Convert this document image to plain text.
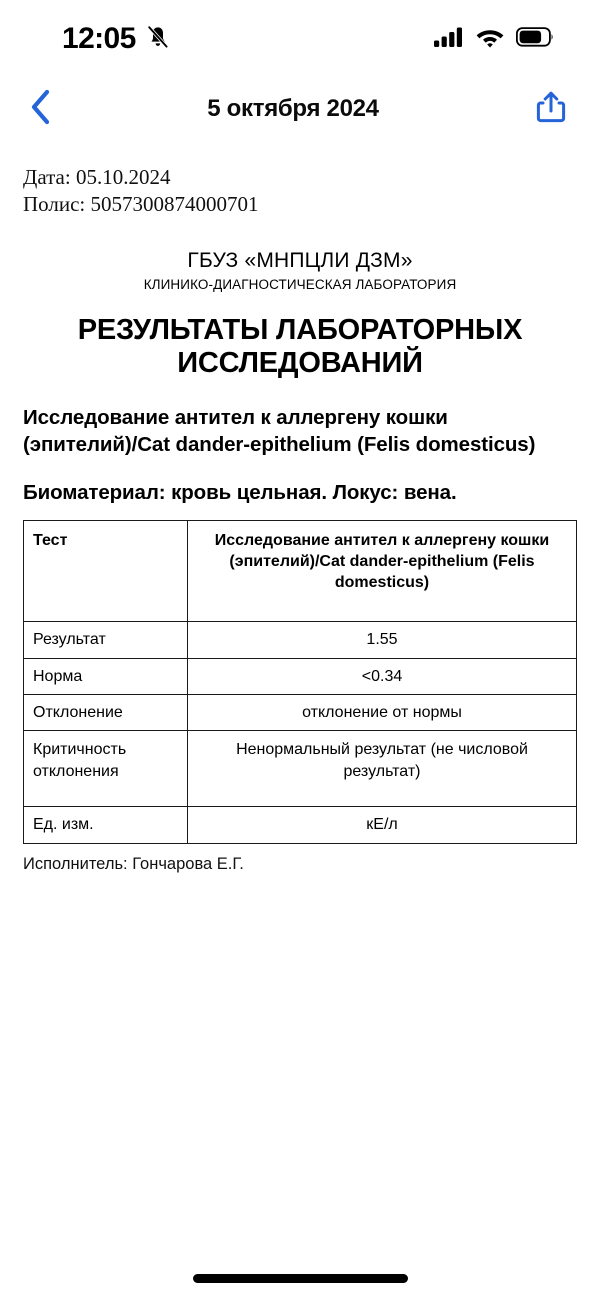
12:05
5 октября 2024
Дата: 05.10.2024
Полис: 5057300874000701
ГБУЗ «МНПЦЛИ ДЗМ»
КЛИНИКО-ДИАГНОСТИЧЕСКАЯ ЛАБОРАТОРИЯ
РЕЗУЛЬТАТЫ ЛАБОРАТОРНЫХ ИССЛЕДОВАНИЙ
Исследование антител к аллергену кошки (эпителий)/Cat dander-epithelium (Felis domesticus)
Биоматериал: кровь цельная. Локус: вена.
Тест	Исследование антител к аллергену кошки (эпителий)/Cat dander-epithelium (Felis domesticus)
Результат	1.55
Норма	<0.34
Отклонение	отклонение от нормы
Критичность отклонения	Ненормальный результат (не числовой результат)
Ед. изм.	кЕ/л
Исполнитель: Гончарова Е.Г.
